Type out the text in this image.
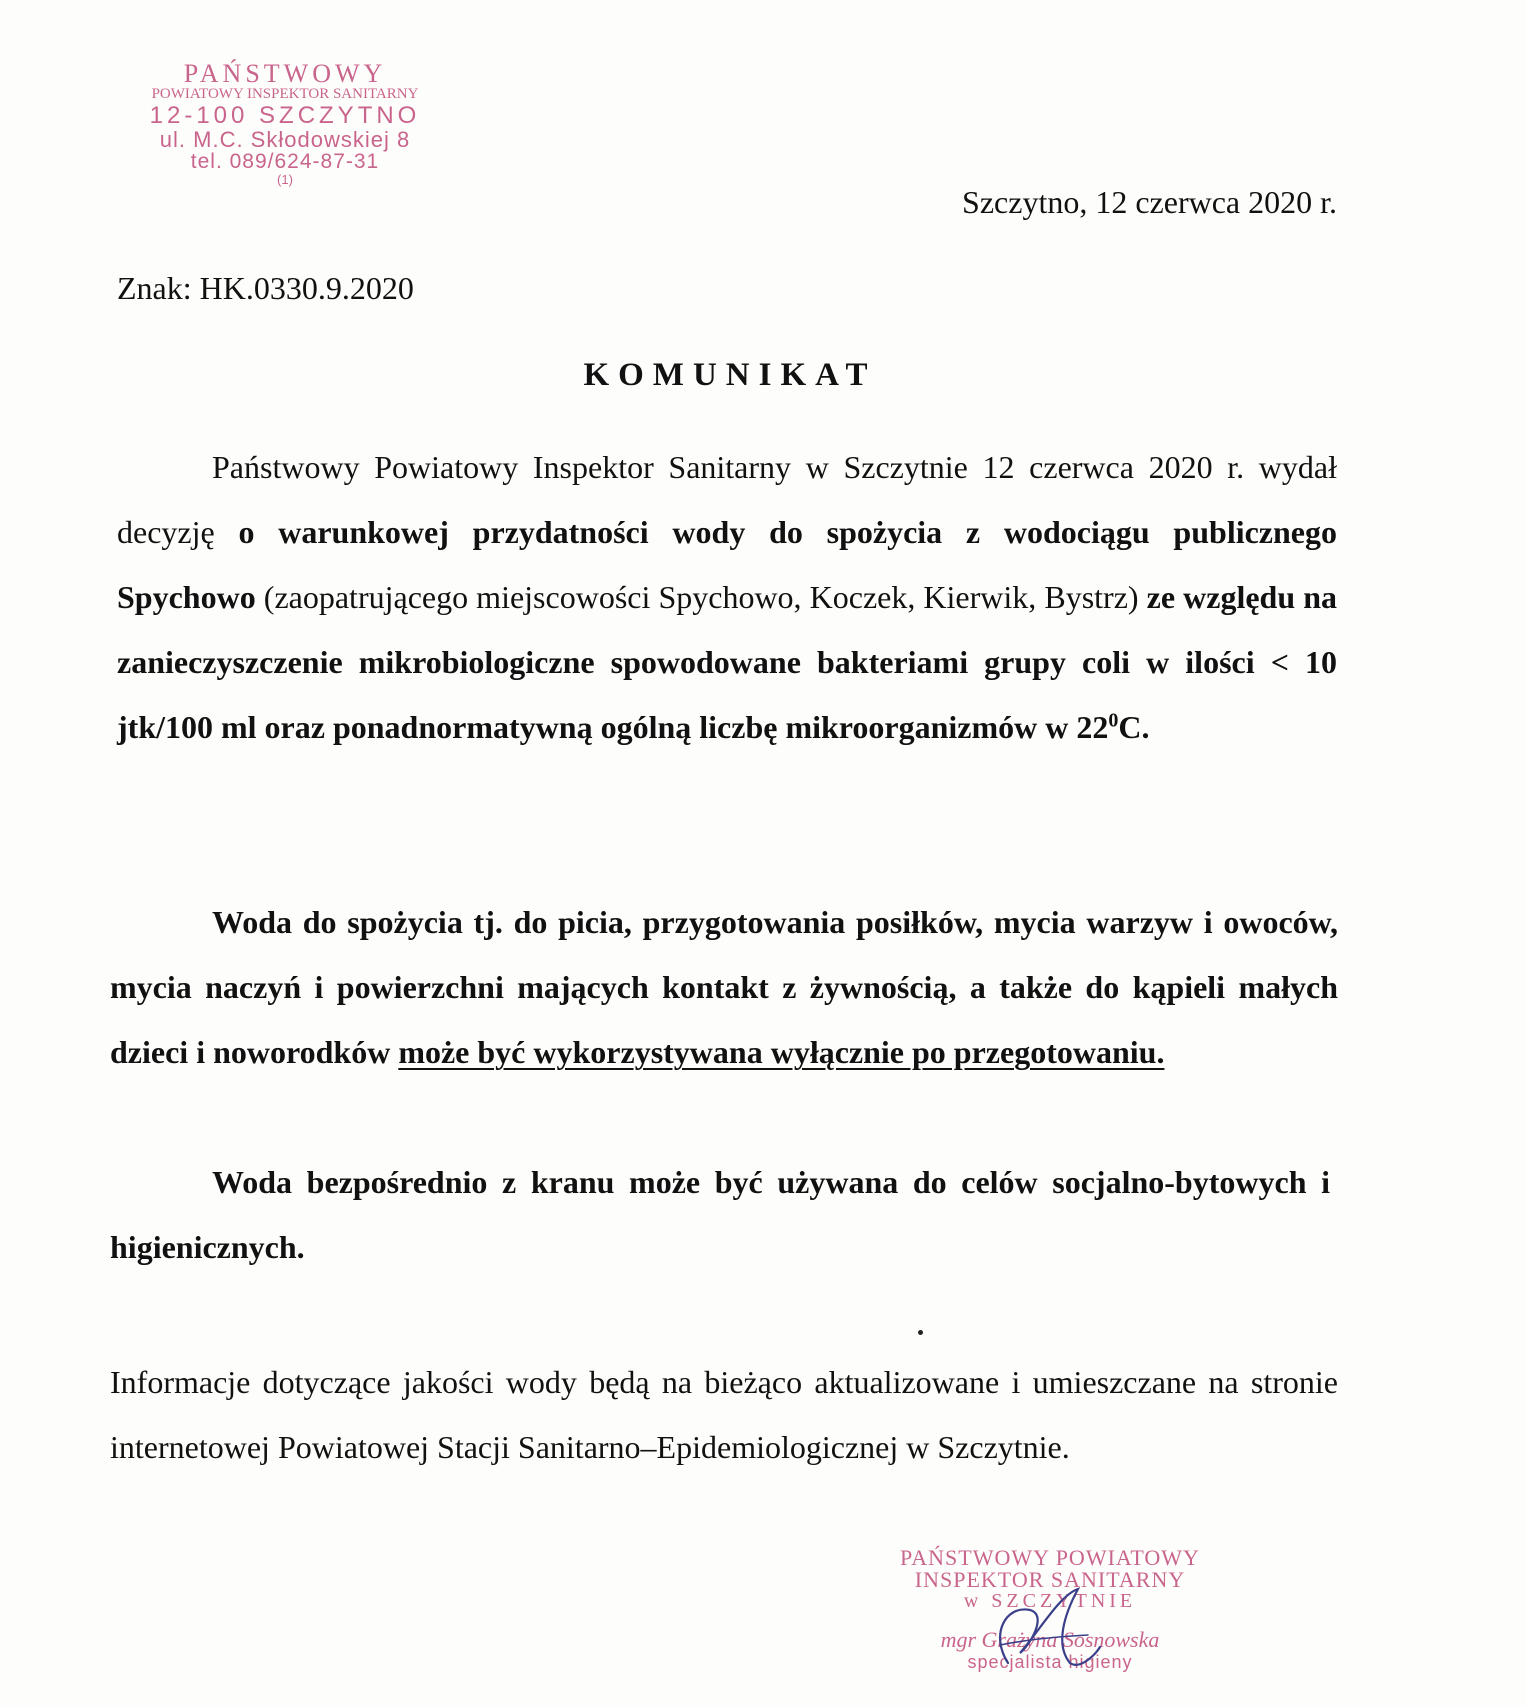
PAŃSTWOWY
POWIATOWY INSPEKTOR SANITARNY
12-100 SZCZYTNO
ul. M.C. Skłodowskiej 8
tel. 089/624-87-31
(1)
Szczytno, 12 czerwca 2020 r.
Znak: HK.0330.9.2020
KOMUNIKAT
Państwowy Powiatowy Inspektor Sanitarny w Szczytnie 12 czerwca 2020 r. wydał decyzję o warunkowej przydatności wody do spożycia z wodociągu publicznego Spychowo (zaopatrującego miejscowości Spychowo, Koczek, Kierwik, Bystrz) ze względu na zanieczyszczenie mikrobiologiczne spowodowane bakteriami grupy coli w ilości < 10 jtk/100 ml oraz ponadnormatywną ogólną liczbę mikroorganizmów w $22^0C$.
Woda do spożycia tj. do picia, przygotowania posiłków, mycia warzyw i owoców, mycia naczyń i powierzchni mających kontakt z żywnością, a także do kąpieli małych dzieci i noworodków może być wykorzystywana wyłącznie po przegotowaniu.
Woda bezpośrednio z kranu może być używana do celów socjalno-bytowych i higienicznych.
Informacje dotyczące jakości wody będą na bieżąco aktualizowane i umieszczane na stronie internetowej Powiatowej Stacji Sanitarno–Epidemiologicznej w Szczytnie.
PAŃSTWOWY POWIATOWY
INSPEKTOR SANITARNY
w SZCZYTNIE
mgr Grażyna Sosnowska
specjalista higieny
